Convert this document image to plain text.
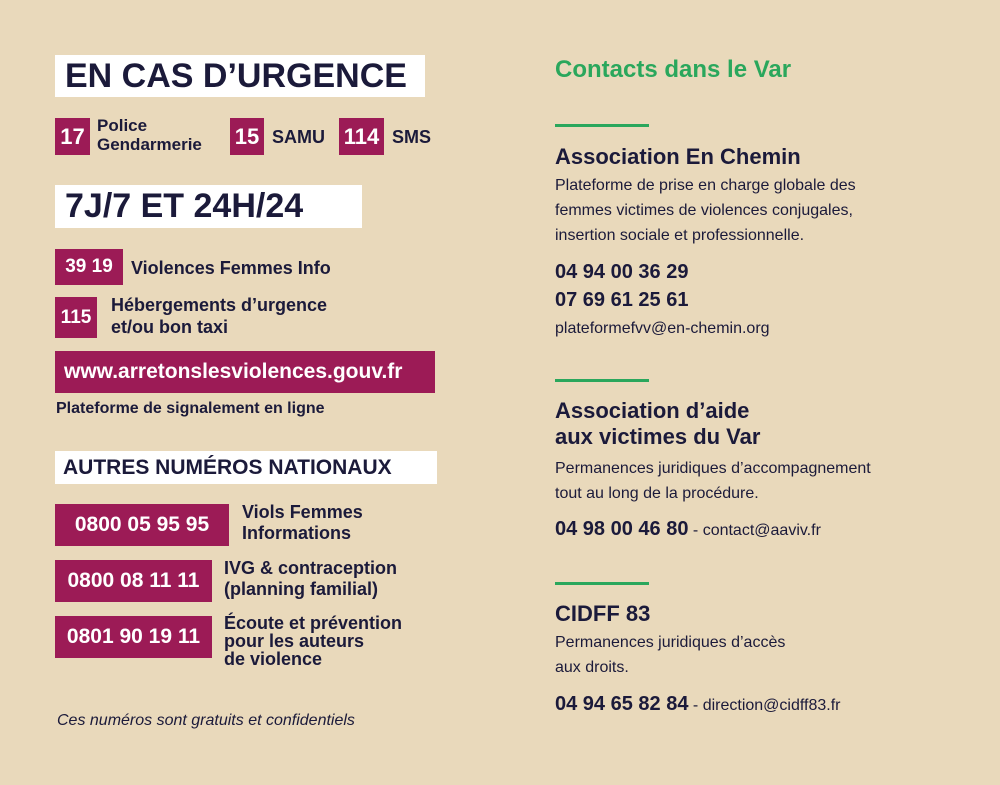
EN CAS D’URGENCE
17 Police
Gendarmerie 15 SAMU 114 SMS
7J/7 ET 24H/24
39 19	Violences Femmes Info
115
Hébergements d’urgence
et/ou bon taxi
www.arretonslesviolences.gouv.fr
Plateforme de signalement en ligne
AUTRES NUMÉROS NATIONAUX
0800 05 95 95
Viols Femmes
Informations
0800 08 11 11
IVG & contraception
(planning familial)
0801 90 19 11
Écoute et prévention
pour les auteurs
de violence
Ces numéros sont gratuits et confidentiels
Contacts dans le Var
Association En Chemin
Plateforme de prise en charge globale des
femmes victimes de violences conjugales,
insertion sociale et professionnelle.
04 94 00 36 29
07 69 61 25 61
plateformefvv@en-chemin.org
Association d’aide
aux victimes du Var
Permanences juridiques d’accompagnement
tout au long de la procédure.
04 98 00 46 80 - contact@aaviv.fr
CIDFF 83
Permanences juridiques d’accès
aux droits.
04 94 65 82 84 - direction@cidff83.fr
